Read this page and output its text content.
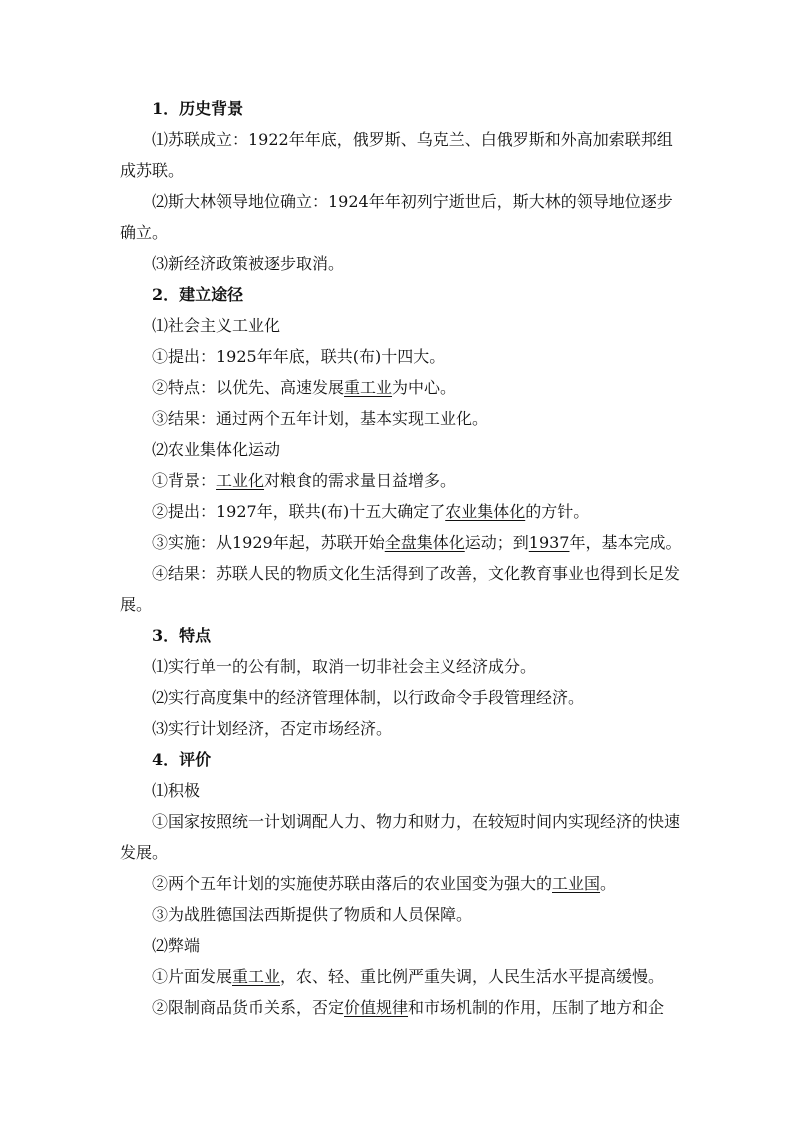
1．历史背景
⑴苏联成立：1922年年底，俄罗斯、乌克兰、白俄罗斯和外高加索联邦组成苏联。
⑵斯大林领导地位确立：1924年年初列宁逝世后，斯大林的领导地位逐步确立。
⑶新经济政策被逐步取消。
2．建立途径
⑴社会主义工业化
①提出：1925年年底，联共(布)十四大。
②特点：以优先、高速发展重工业为中心。
③结果：通过两个五年计划，基本实现工业化。
⑵农业集体化运动
①背景：工业化对粮食的需求量日益增多。
②提出：1927年，联共(布)十五大确定了农业集体化的方针。
③实施：从1929年起，苏联开始全盘集体化运动；到1937年，基本完成。
④结果：苏联人民的物质文化生活得到了改善，文化教育事业也得到长足发展。
3．特点
⑴实行单一的公有制，取消一切非社会主义经济成分。
⑵实行高度集中的经济管理体制，以行政命令手段管理经济。
⑶实行计划经济，否定市场经济。
4．评价
⑴积极
①国家按照统一计划调配人力、物力和财力，在较短时间内实现经济的快速发展。
②两个五年计划的实施使苏联由落后的农业国变为强大的工业国。
③为战胜德国法西斯提供了物质和人员保障。
⑵弊端
①片面发展重工业，农、轻、重比例严重失调，人民生活水平提高缓慢。
②限制商品货币关系，否定价值规律和市场机制的作用，压制了地方和企
